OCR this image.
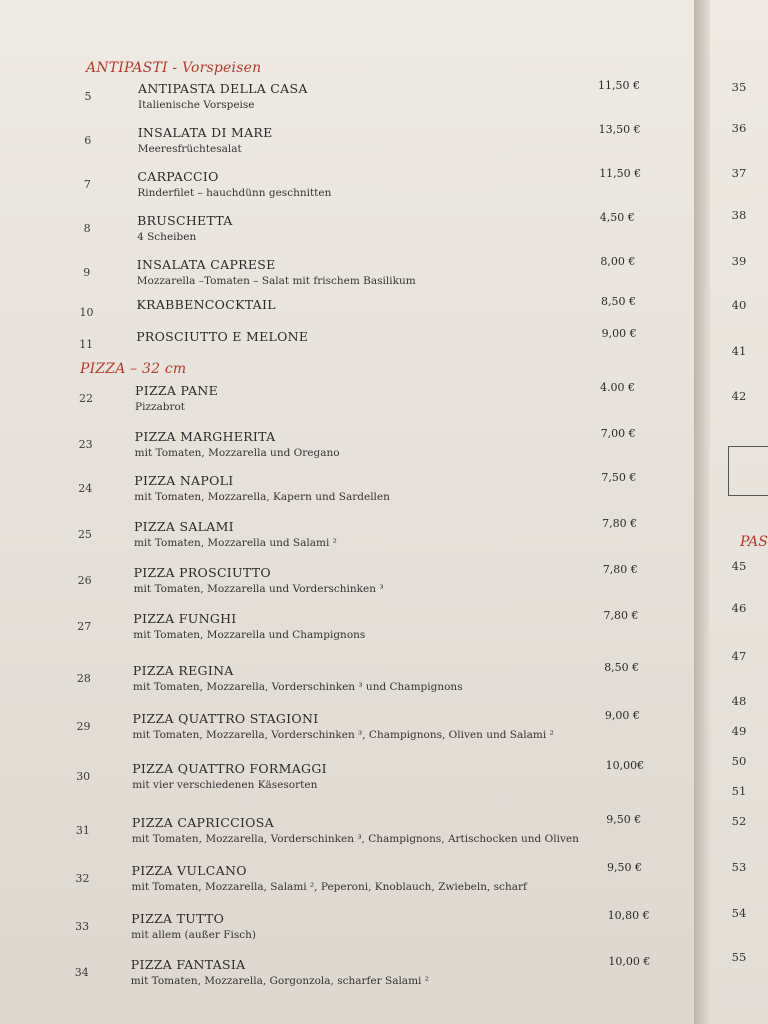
ANTIPASTI - Vorspeisen
5
ANTIPASTA DELLA CASA
Italienische Vorspeise
11,50 €
6
INSALATA DI MARE
Meeresfrüchtesalat
13,50 €
7
CARPACCIO
Rinderfilet – hauchdünn geschnitten
11,50 €
8
BRUSCHETTA
4 Scheiben
4,50 €
9
INSALATA CAPRESE
Mozzarella –Tomaten – Salat mit frischem Basilikum
8,00 €
10
KRABBENCOCKTAIL	8,50 €
11
PROSCIUTTO E MELONE	9,00 €
PIZZA – 32 cm
22
PIZZA PANE
Pizzabrot
4.00 €
23
PIZZA MARGHERITA
mit Tomaten, Mozzarella und Oregano
7,00 €
24
PIZZA NAPOLI
mit Tomaten, Mozzarella, Kapern und Sardellen
7,50 €
25
PIZZA SALAMI
mit Tomaten, Mozzarella und Salami ²
7,80 €
26
PIZZA PROSCIUTTO
mit Tomaten, Mozzarella und Vorderschinken ³
7,80 €
27
PIZZA FUNGHI
mit Tomaten, Mozzarella und Champignons
7,80 €
28
PIZZA REGINA
mit Tomaten, Mozzarella, Vorderschinken ³ und Champignons
8,50 €
29
PIZZA QUATTRO STAGIONI
mit Tomaten, Mozzarella, Vorderschinken ³, Champignons, Oliven und Salami ²
9,00 €
30
PIZZA QUATTRO FORMAGGI
mit vier verschiedenen Käsesorten
10,00€
31
PIZZA CAPRICCIOSA
mit Tomaten, Mozzarella, Vorderschinken ³, Champignons, Artischocken und Oliven
9,50 €
32
PIZZA VULCANO
mit Tomaten, Mozzarella, Salami ², Peperoni, Knoblauch, Zwiebeln, scharf
9,50 €
33
PIZZA TUTTO
mit allem (außer Fisch)
10,80 €
34
PIZZA FANTASIA
mit Tomaten, Mozzarella, Gorgonzola, scharfer Salami ²
10,00 €
PAS
35
36
37
38
39
40
41
42
45
46
47
48
49
50
51
52
53
54
55
